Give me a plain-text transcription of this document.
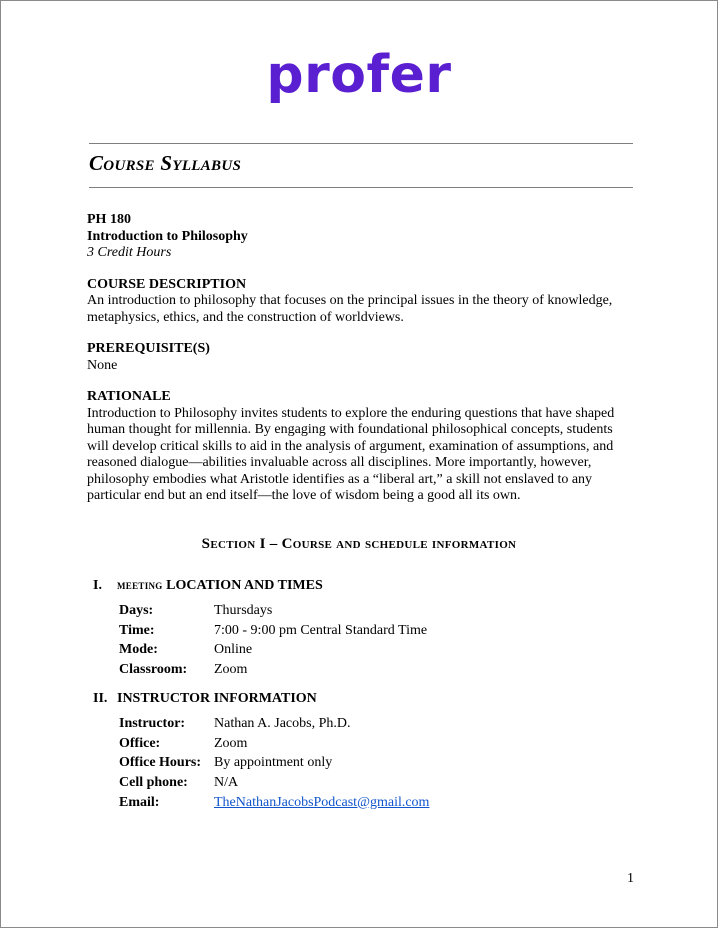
profer
Course Syllabus
PH 180
Introduction to Philosophy
3 Credit Hours
COURSE DESCRIPTION
An introduction to philosophy that focuses on the principal issues in the theory of knowledge,
metaphysics, ethics, and the construction of worldviews.
PREREQUISITE(S)
None
RATIONALE
Introduction to Philosophy invites students to explore the enduring questions that have shaped
human thought for millennia. By engaging with foundational philosophical concepts, students
will develop critical skills to aid in the analysis of argument, examination of assumptions, and
reasoned dialogue—abilities invaluable across all disciplines. More importantly, however,
philosophy embodies what Aristotle identifies as a “liberal art,” a skill not enslaved to any
particular end but an end itself—the love of wisdom being a good all its own.
Section I – Course and schedule information
I. MEETING LOCATION AND TIMES
Days:	Thursdays
Time:	7:00 - 9:00 pm Central Standard Time
Mode:	Online
Classroom:	Zoom
II. INSTRUCTOR INFORMATION
Instructor:	Nathan A. Jacobs, Ph.D.
Office:	Zoom
Office Hours:	By appointment only
Cell phone:	N/A
Email:	TheNathanJacobsPodcast@gmail.com
1
